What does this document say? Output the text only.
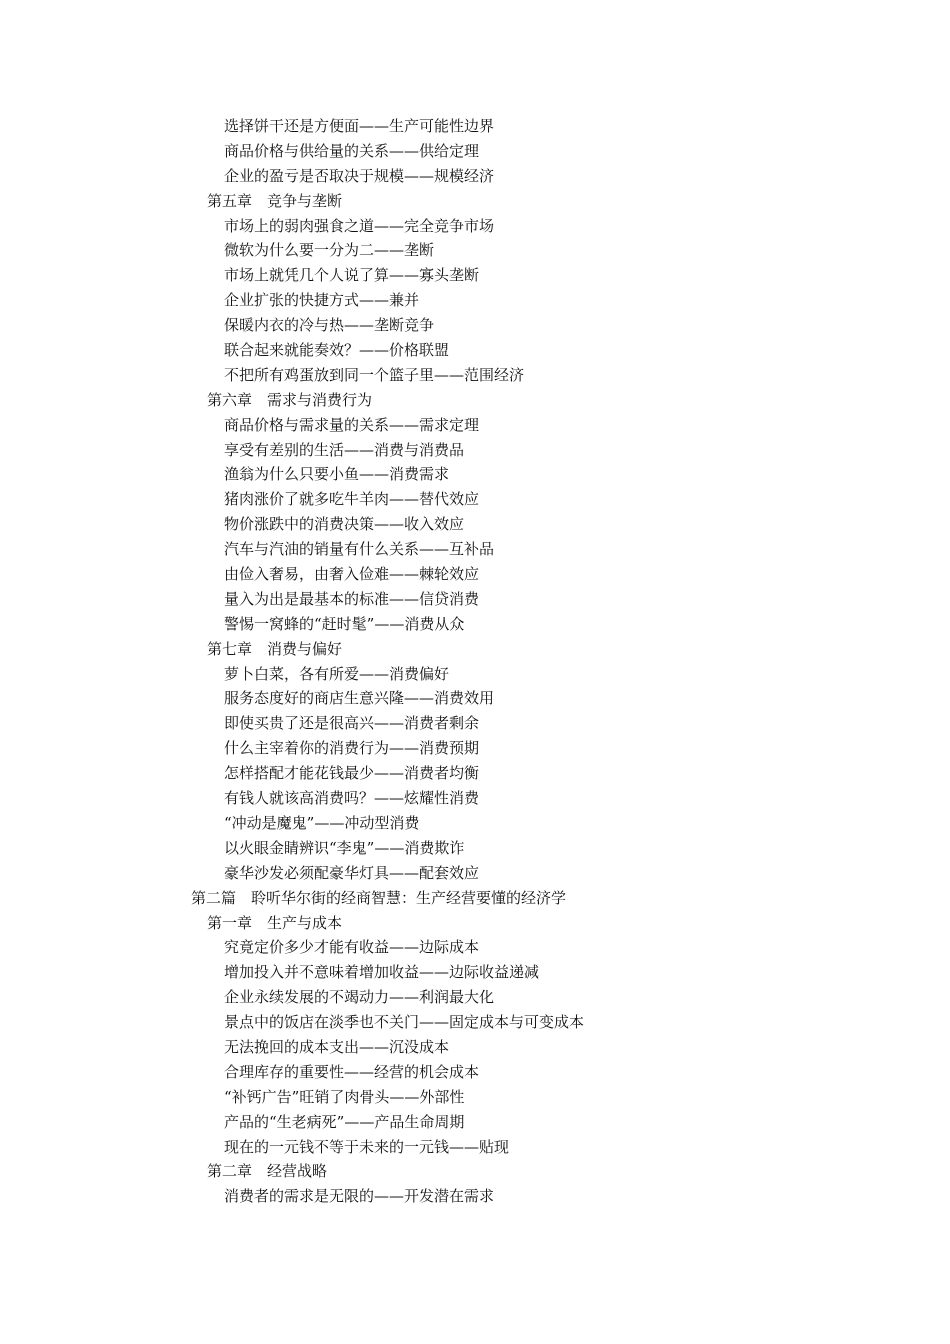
选择饼干还是方便面——生产可能性边界
商品价格与供给量的关系——供给定理
企业的盈亏是否取决于规模——规模经济
第五章　竞争与垄断
市场上的弱肉强食之道——完全竞争市场
微软为什么要一分为二——垄断
市场上就凭几个人说了算——寡头垄断
企业扩张的快捷方式——兼并
保暖内衣的冷与热——垄断竞争
联合起来就能奏效？——价格联盟
不把所有鸡蛋放到同一个篮子里——范围经济
第六章　需求与消费行为
商品价格与需求量的关系——需求定理
享受有差别的生活——消费与消费品
渔翁为什么只要小鱼——消费需求
猪肉涨价了就多吃牛羊肉——替代效应
物价涨跌中的消费决策——收入效应
汽车与汽油的销量有什么关系——互补品
由俭入奢易，由奢入俭难——棘轮效应
量入为出是最基本的标准——信贷消费
警惕一窝蜂的“赶时髦”——消费从众
第七章　消费与偏好
萝卜白菜，各有所爱——消费偏好
服务态度好的商店生意兴隆——消费效用
即使买贵了还是很高兴——消费者剩余
什么主宰着你的消费行为——消费预期
怎样搭配才能花钱最少——消费者均衡
有钱人就该高消费吗？——炫耀性消费
“冲动是魔鬼”——冲动型消费
以火眼金睛辨识“李鬼”——消费欺诈
豪华沙发必须配豪华灯具——配套效应
第二篇　聆听华尔街的经商智慧：生产经营要懂的经济学
第一章　生产与成本
究竟定价多少才能有收益——边际成本
增加投入并不意味着增加收益——边际收益递减
企业永续发展的不竭动力——利润最大化
景点中的饭店在淡季也不关门——固定成本与可变成本
无法挽回的成本支出——沉没成本
合理库存的重要性——经营的机会成本
“补钙广告”旺销了肉骨头——外部性
产品的“生老病死”——产品生命周期
现在的一元钱不等于未来的一元钱——贴现
第二章　经营战略
消费者的需求是无限的——开发潜在需求
